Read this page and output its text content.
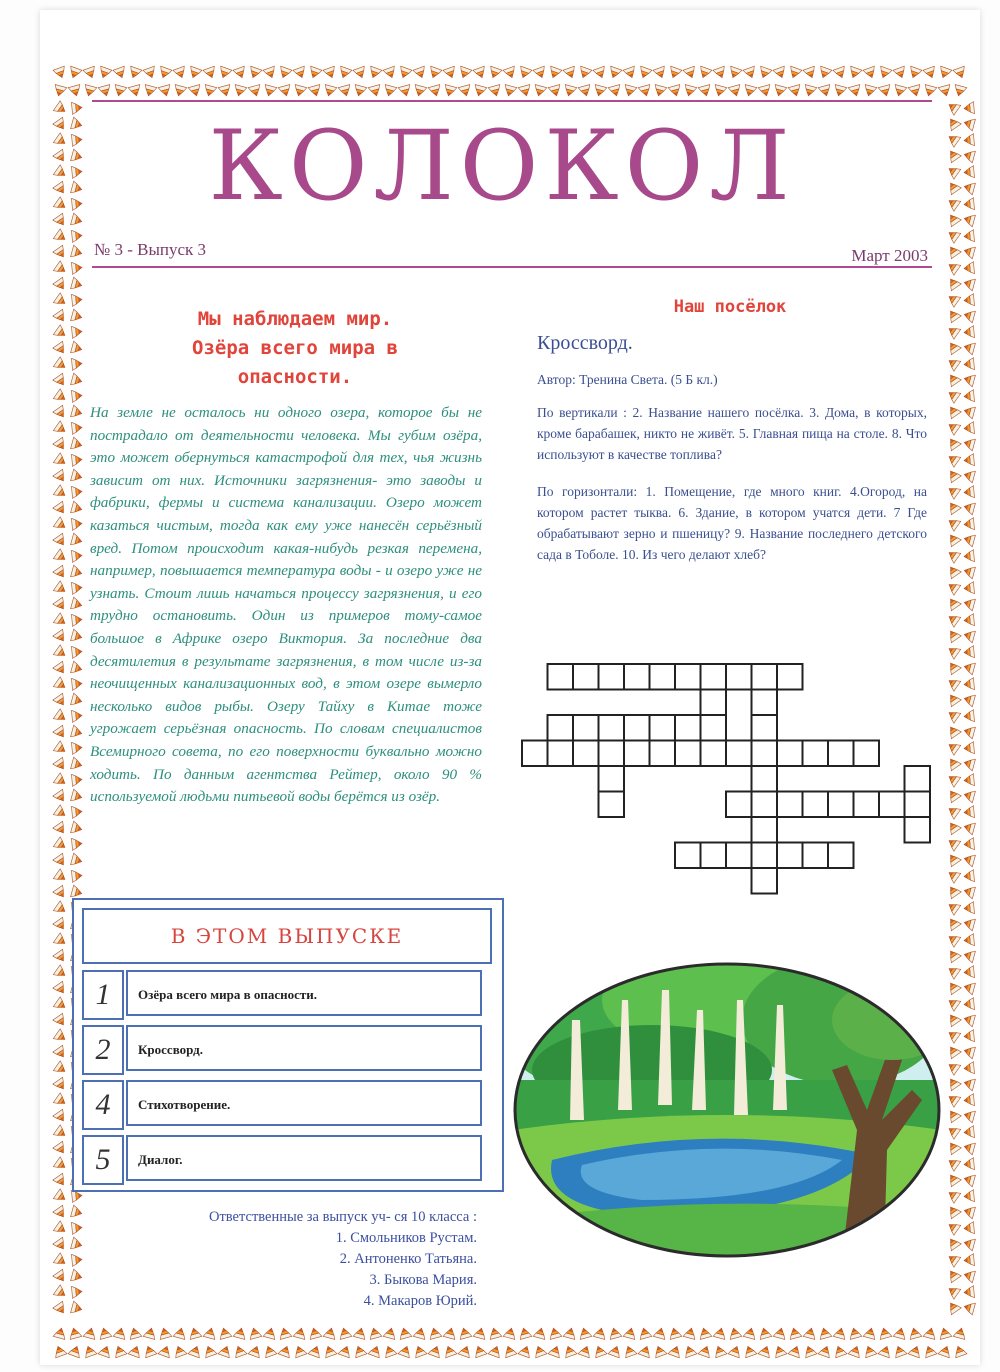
КОЛОКОЛ
№ 3 - Выпуск 3	Март 2003
Мы наблюдаем мир.
Озёра всего мира в
опасности.
На земле не осталось ни одного озера, которое бы не пострадало от деятельности человека. Мы губим озёра, это может обернуться катастрофой для тех, чья жизнь зависит от них. Источники загрязнения- это заводы и фабрики, фермы и система канализации. Озеро может казаться чистым, тогда как ему уже нанесён серьёзный вред. Потом происходит какая-нибудь резкая перемена, например, повышается температура воды - и озеро уже не узнать. Стоит лишь начаться процессу загрязнения, и его трудно остановить. Один из примеров тому-самое большое в Африке озеро Виктория. За последние два десятилетия в результате загрязнения, в том числе из-за неочищенных канализационных вод, в этом озере вымерло несколько видов рыбы. Озеру Тайху в Китае тоже угрожает серьёзная опасность. По словам специалистов Всемирного совета, по его поверхности буквально можно ходить. По данным агентства Рейтер, около 90 % используемой людьми питьевой воды берётся из озёр.
В ЭТОМ ВЫПУСКЕ
1	Озёра всего мира в опасности.
2	Кроссворд.
4	Стихотворение.
5	Диалог.
Ответственные за выпуск уч- ся 10 класса :
1. Смольников Рустам.
2. Антоненко Татьяна.
3. Быкова Мария.
4. Макаров Юрий.
Наш посёлок
Кроссворд.
Автор: Тренина Света. (5 Б кл.)
По вертикали : 2. Название нашего посёлка. 3. Дома, в которых, кроме барабашек, никто не живёт. 5. Главная пища на столе. 8. Что используют в качестве топлива?
По горизонтали: 1. Помещение, где много книг. 4.Огород, на котором растет тыква. 6. Здание, в котором учатся дети. 7 Где обрабатывают зерно и пшеницу? 9. Название последнего детского сада в Тоболе. 10. Из чего делают хлеб?
